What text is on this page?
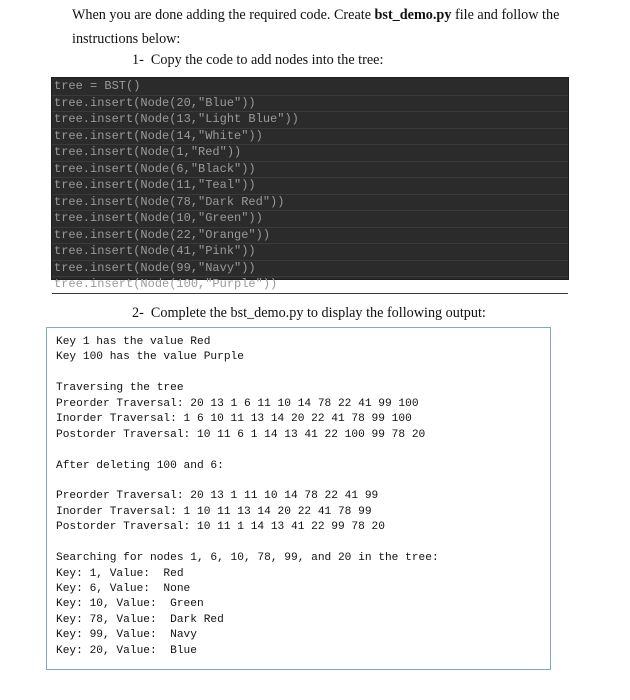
When you are done adding the required code. Create bst_demo.py file and follow the instructions below:
1- Copy the code to add nodes into the tree:
tree = BST()
tree.insert(Node(20,"Blue"))
tree.insert(Node(13,"Light Blue"))
tree.insert(Node(14,"White"))
tree.insert(Node(1,"Red"))
tree.insert(Node(6,"Black"))
tree.insert(Node(11,"Teal"))
tree.insert(Node(78,"Dark Red"))
tree.insert(Node(10,"Green"))
tree.insert(Node(22,"Orange"))
tree.insert(Node(41,"Pink"))
tree.insert(Node(99,"Navy"))
tree.insert(Node(100,"Purple"))
2- Complete the bst_demo.py to display the following output:
Key 1 has the value Red
Key 100 has the value Purple
Traversing the tree
Preorder Traversal: 20 13 1 6 11 10 14 78 22 41 99 100
Inorder Traversal: 1 6 10 11 13 14 20 22 41 78 99 100
Postorder Traversal: 10 11 6 1 14 13 41 22 100 99 78 20
After deleting 100 and 6:
Preorder Traversal: 20 13 1 11 10 14 78 22 41 99
Inorder Traversal: 1 10 11 13 14 20 22 41 78 99
Postorder Traversal: 10 11 1 14 13 41 22 99 78 20
Searching for nodes 1, 6, 10, 78, 99, and 20 in the tree:
Key: 1, Value:  Red
Key: 6, Value:  None
Key: 10, Value:  Green
Key: 78, Value:  Dark Red
Key: 99, Value:  Navy
Key: 20, Value:  Blue
